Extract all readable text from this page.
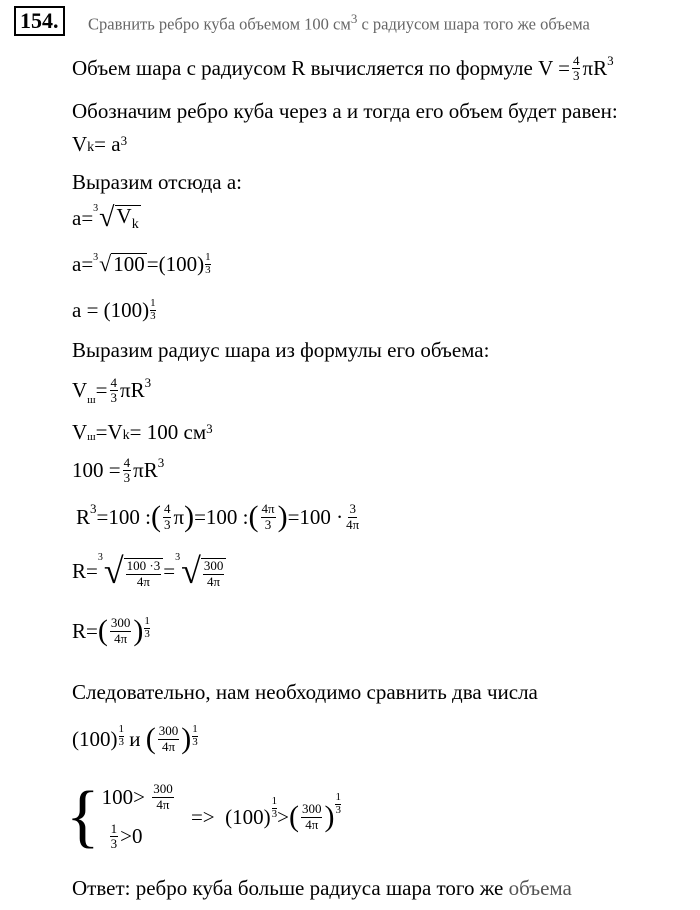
154.	Сравнить ребро куба объемом 100 $см^3$ с радиусом шара того же объема
Объем шара с радиусом R вычисляется по формуле $V = \frac{4}{3} \pi R^3$
Обозначим ребро куба через a и тогда его объем будет равен:
V k = a 3
Выразим отсюда a:
a= 3 √ $V_k$
a= 3 √ $100 =(100) \frac{1}{3}$
$a = (100) \frac{1}{3}$
Выразим радиус шара из формулы его объема:
$V_ш = \frac{4}{3} \pi R^3$
$V_ш = V$ k = 100 см 3
$100 = \frac{4}{3} \pi R^3$
$R^3 =100$ : ( $\frac{4}{3}$ π ) =100 : ( $\frac{4\pi}{3}$ ) $=100 \cdot \frac{3}{4\pi}$
R=
3 √ $\frac{100 \cdot 3}{4\pi}$ =
3 √ $\frac{300}{4\pi}$
R= ( $\frac{300}{4\pi}$ ) $\frac{1}{3}$
Следовательно, нам необходимо сравнить два числа
$(100) \frac{1}{3}$ и ( $\frac{300}{4\pi}$ ) $\frac{1}{3}$
{ $100> \frac{300}{4\pi}$
$\frac{1}{3} >0$
=> $(100) \frac{1}{3}$ > ( $\frac{300}{4\pi}$ ) $\frac{1}{3}$
Ответ: ребро куба больше радиуса шара того же объема
